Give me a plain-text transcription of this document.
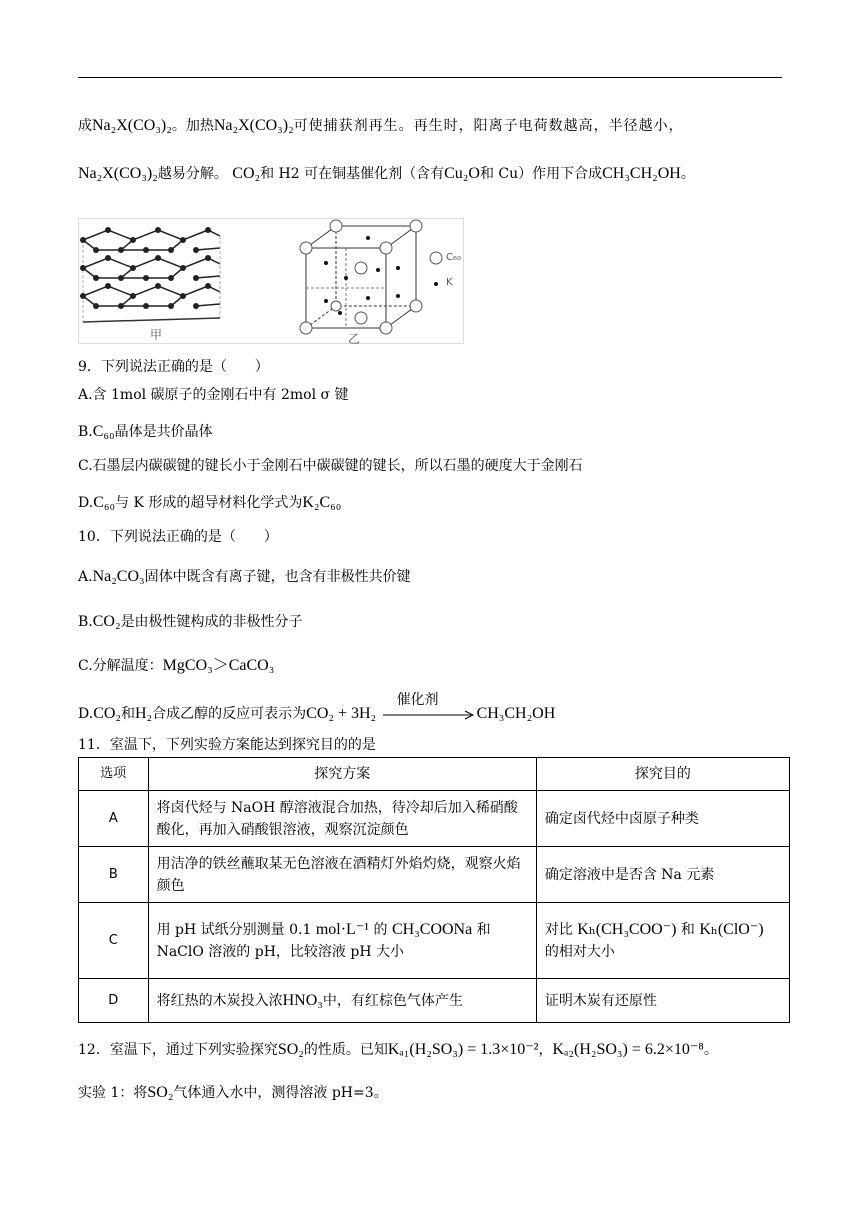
成Na₂X(CO₃)₂。加热Na₂X(CO₃)₂可使捕获剂再生。再生时，阳离子电荷数越高，半径越小，
Na₂X(CO₃)₂越易分解。 CO₂和 H2 可在铜基催化剂（含有Cu₂O和 Cu）作用下合成CH₃CH₂OH。
甲	乙
C₆₀
K
9．下列说法正确的是（　　）
A.含 1mol 碳原子的金刚石中有 2mol σ 键
B.C₆₀晶体是共价晶体
C.石墨层内碳碳键的键长小于金刚石中碳碳键的键长，所以石墨的硬度大于金刚石
D.C₆₀与 K 形成的超导材料化学式为K₂C₆₀
10．下列说法正确的是（　　）
A.Na₂CO₃固体中既含有离子键，也含有非极性共价键
B.CO₂是由极性键构成的非极性分子
C.分解温度：MgCO₃＞CaCO₃
D.CO₂和H₂合成乙醇的反应可表示为CO₂ + 3H₂
催化剂
CH₃CH₂OH
11．室温下，下列实验方案能达到探究目的的是
选项	探究方案	探究目的
A	将卤代烃与 NaOH 醇溶液混合加热，待冷却后加入稀硝酸酸化，再加入硝酸银溶液，观察沉淀颜色	确定卤代烃中卤原子种类
B	用洁净的铁丝蘸取某无色溶液在酒精灯外焰灼烧，观察火焰颜色	确定溶液中是否含 Na 元素
C	用 pH 试纸分别测量 0.1 mol·L⁻¹ 的 CH₃COONa 和 NaClO 溶液的 pH，比较溶液 pH 大小	对比 Kₕ(CH₃COO⁻) 和 Kₕ(ClO⁻)
的相对大小
D	将红热的木炭投入浓HNO₃中，有红棕色气体产生	证明木炭有还原性
12．室温下，通过下列实验探究SO₂的性质。已知Kₐ₁(H₂SO₃) = 1.3×10⁻²，Kₐ₂(H₂SO₃) = 6.2×10⁻⁸。
实验 1：将SO₂气体通入水中，测得溶液 pH=3。
